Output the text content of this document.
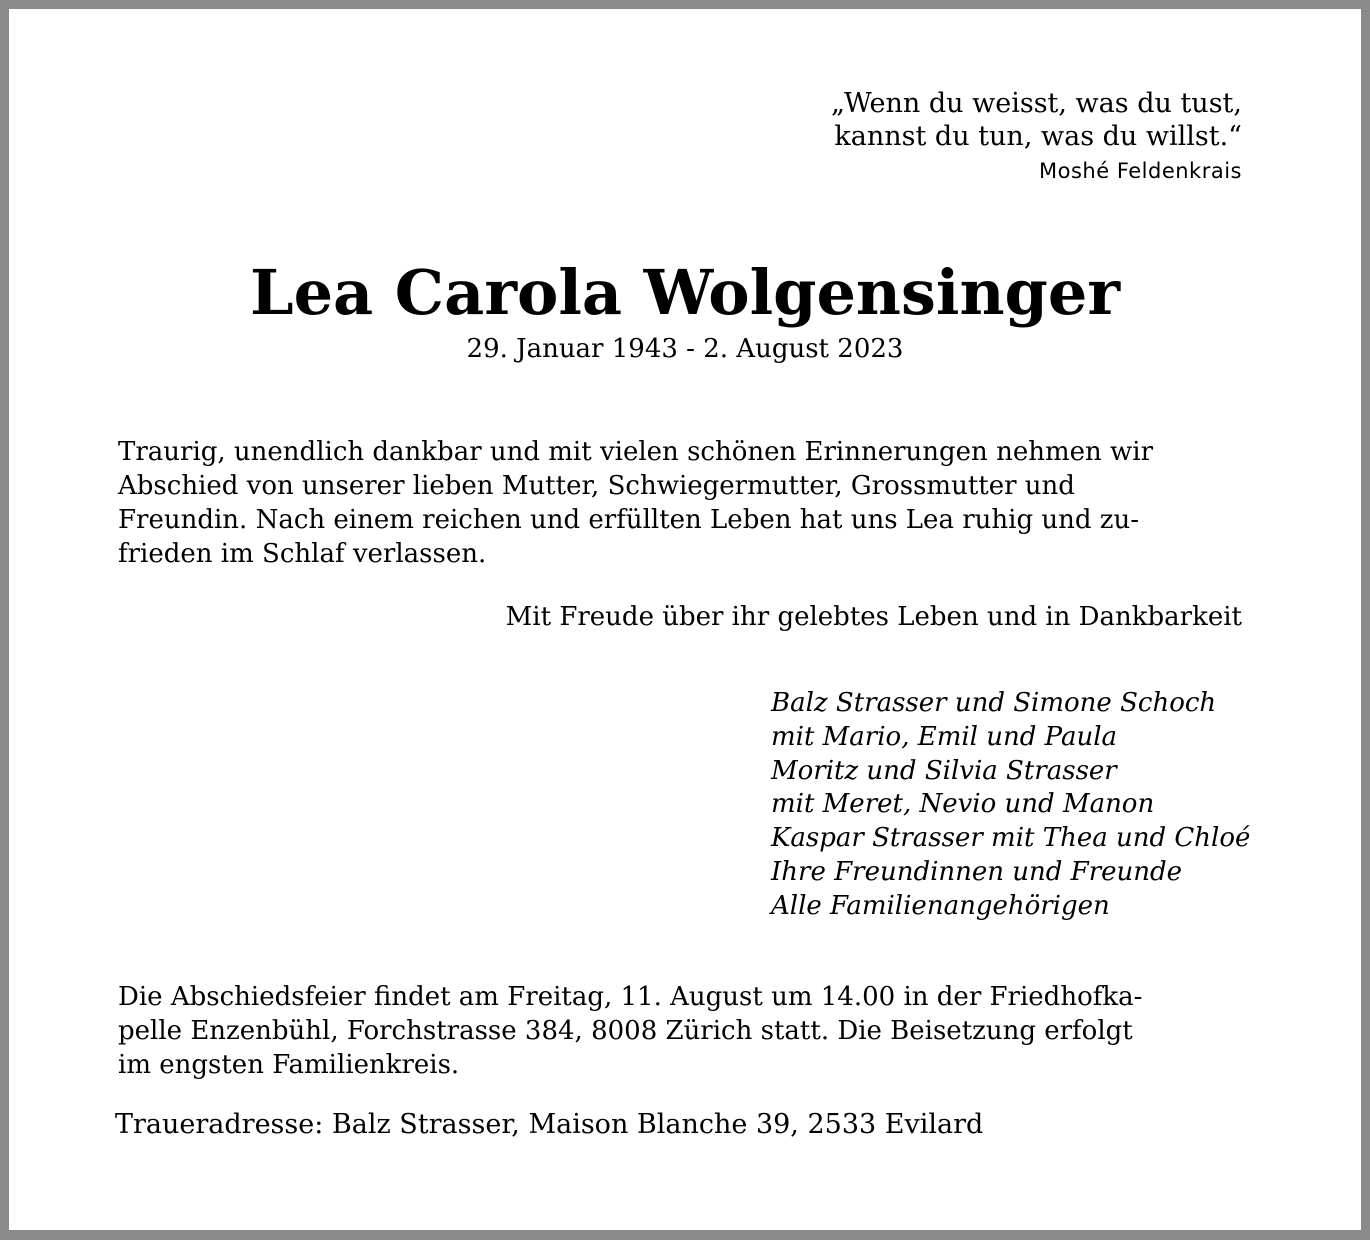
„Wenn du weisst, was du tust,
kannst du tun, was du willst.“
Moshé Feldenkrais
Lea Carola Wolgensinger
29. Januar 1943 - 2. August 2023
Traurig, unendlich dankbar und mit vielen schönen Erinnerungen nehmen wir
Abschied von unserer lieben Mutter, Schwiegermutter, Grossmutter und
Freundin. Nach einem reichen und erfüllten Leben hat uns Lea ruhig und zu-
frieden im Schlaf verlassen.
Mit Freude über ihr gelebtes Leben und in Dankbarkeit
Balz Strasser und Simone Schoch
mit Mario, Emil und Paula
Moritz und Silvia Strasser
mit Meret, Nevio und Manon
Kaspar Strasser mit Thea und Chloé
Ihre Freundinnen und Freunde
Alle Familienangehörigen
Die Abschiedsfeier findet am Freitag, 11. August um 14.00 in der Friedhofka-
pelle Enzenbühl, Forchstrasse 384, 8008 Zürich statt. Die Beisetzung erfolgt
im engsten Familienkreis.
Traueradresse: Balz Strasser, Maison Blanche 39, 2533 Evilard
